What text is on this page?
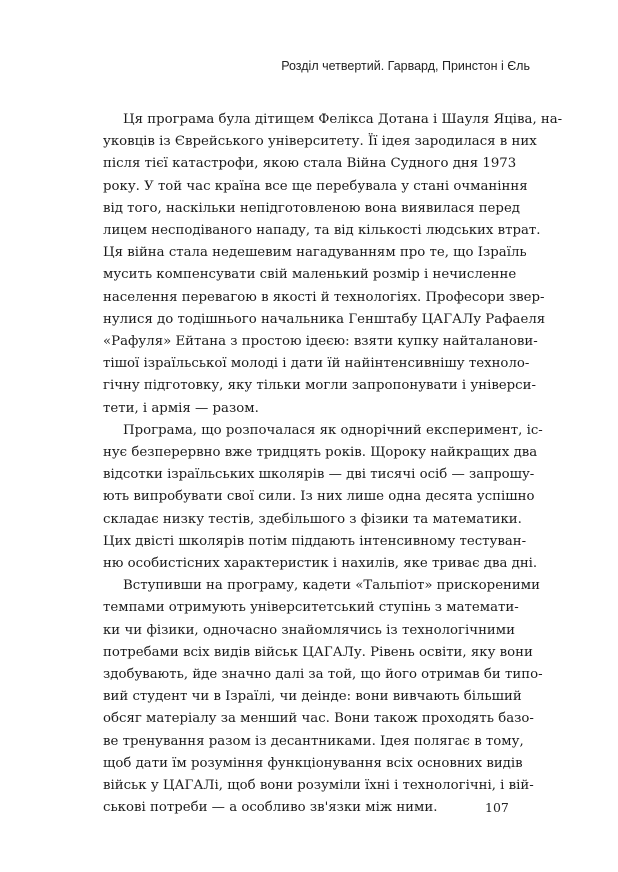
Розділ четвертий. Гарвард, Принстон і Єль

Ця програма була дітищем Фелікса Дотана і Шауля Яціва, на-
уковців із Єврейського університету. Її ідея зародилася в них
після тієї катастрофи, якою стала Війна Судного дня 1973
року. У той час країна все ще перебувала у стані очманіння
від того, наскільки непідготовленою вона виявилася перед
лицем несподіваного нападу, та від кількості людських втрат.
Ця війна стала недешевим нагадуванням про те, що Ізраїль
мусить компенсувати свій маленький розмір і нечисленне
населення перевагою в якості й технологіях. Професори звер-
нулися до тодішнього начальника Генштабу ЦАГАЛу Рафаеля
«Рафуля» Ейтана з простою ідеєю: взяти купку найталанови-
тішої ізраїльської молоді і дати їй найінтенсивнішу техноло-
гічну підготовку, яку тільки могли запропонувати і універси-
тети, і армія — разом.

Програма, що розпочалася як однорічний експеримент, іс-
нує безперервно вже тридцять років. Щороку найкращих два
відсотки ізраїльських школярів — дві тисячі осіб — запрошу-
ють випробувати свої сили. Із них лише одна десята успішно
складає низку тестів, здебільшого з фізики та математики.
Цих двісті школярів потім піддають інтенсивному тестуван-
ню особистісних характеристик і нахилів, яке триває два дні.

Вступивши на програму, кадети «Тальпіот» прискореними
темпами отримують університетський ступінь з математи-
ки чи фізики, одночасно знайомлячись із технологічними
потребами всіх видів військ ЦАГАЛу. Рівень освіти, яку вони
здобувають, йде значно далі за той, що його отримав би типо-
вий студент чи в Ізраїлі, чи деінде: вони вивчають більший
обсяг матеріалу за менший час. Вони також проходять базо-
ве тренування разом із десантниками. Ідея полягає в тому,
щоб дати їм розуміння функціонування всіх основних видів
військ у ЦАГАЛі, щоб вони розуміли їхні і технологічні, і вій-
ськові потреби — а особливо зв'язки між ними.	107
